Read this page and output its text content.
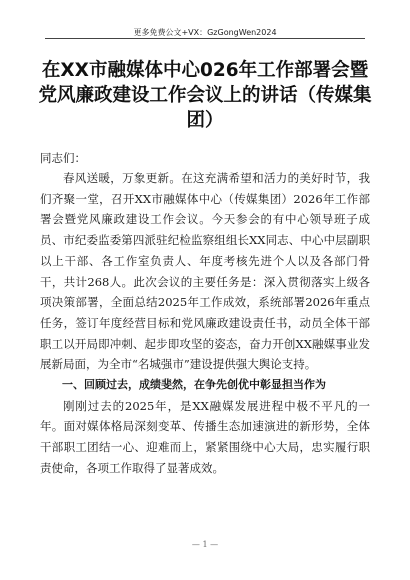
更多免费公文+VX：GzGongWen2024
在XX市融媒体中心026年工作部署会暨党风廉政建设工作会议上的讲话（传媒集团）
同志们：

春风送暖，万象更新。在这充满希望和活力的美好时节，我们齐聚一堂，召开XX市融媒体中心（传媒集团）2026年工作部署会暨党风廉政建设工作会议。今天参会的有中心领导班子成员、市纪委监委第四派驻纪检监察组组长XX同志、中心中层副职以上干部、各工作室负责人、年度考核先进个人以及各部门骨干，共计268人。此次会议的主要任务是：深入贯彻落实上级各项决策部署，全面总结2025年工作成效，系统部署2026年重点任务，签订年度经营目标和党风廉政建设责任书，动员全体干部职工以开局即冲刺、起步即攻坚的姿态，奋力开创XX融媒事业发展新局面，为全市“名城强市”建设提供强大舆论支持。

一、回顾过去，成绩斐然，在争先创优中彰显担当作为

刚刚过去的2025年，是XX融媒发展进程中极不平凡的一年。面对媒体格局深刻变革、传播生态加速演进的新形势，全体干部职工团结一心、迎难而上，紧紧围绕中心大局，忠实履行职责使命，各项工作取得了显著成效。

— 1 —
